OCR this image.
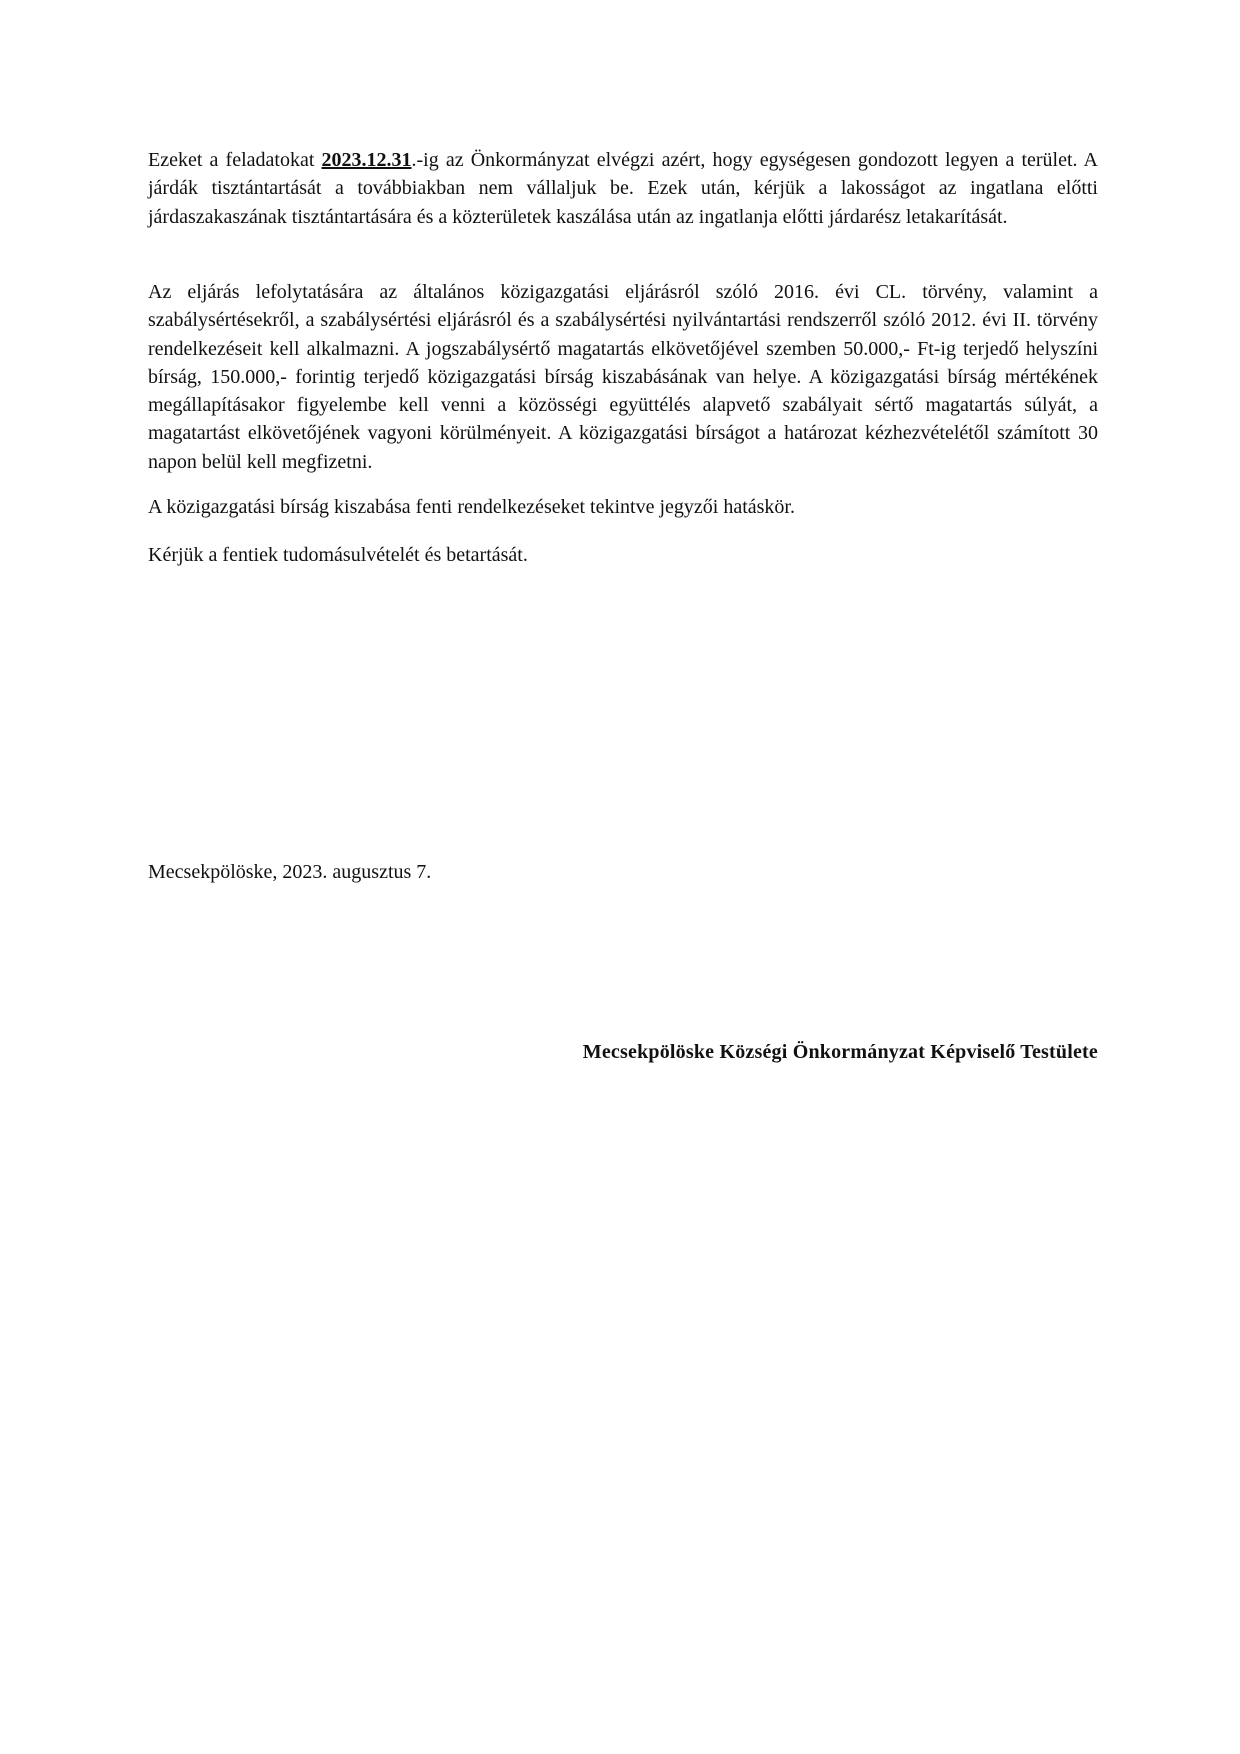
Ezeket a feladatokat 2023.12.31.-ig az Önkormányzat elvégzi azért, hogy egységesen gondozott legyen a terület. A járdák tisztántartását a továbbiakban nem vállaljuk be. Ezek után, kérjük a lakosságot az ingatlana előtti járdaszakaszának tisztántartására és a közterületek kaszálása után az ingatlanja előtti járdarész letakarítását.

Az eljárás lefolytatására az általános közigazgatási eljárásról szóló 2016. évi CL. törvény, valamint a szabálysértésekről, a szabálysértési eljárásról és a szabálysértési nyilvántartási rendszerről szóló 2012. évi II. törvény rendelkezéseit kell alkalmazni. A jogszabálysértő magatartás elkövetőjével szemben 50.000,- Ft-ig terjedő helyszíni bírság, 150.000,- forintig terjedő közigazgatási bírság kiszabásának van helye. A közigazgatási bírság mértékének megállapításakor figyelembe kell venni a közösségi együttélés alapvető szabályait sértő magatartás súlyát, a magatartást elkövetőjének vagyoni körülményeit. A közigazgatási bírságot a határozat kézhezvételétől számított 30 napon belül kell megfizetni.

A közigazgatási bírság kiszabása fenti rendelkezéseket tekintve jegyzői hatáskör.

Kérjük a fentiek tudomásulvételét és betartását.

Mecsekpölöske, 2023. augusztus 7.

Mecsekpölöske Községi Önkormányzat Képviselő Testülete
